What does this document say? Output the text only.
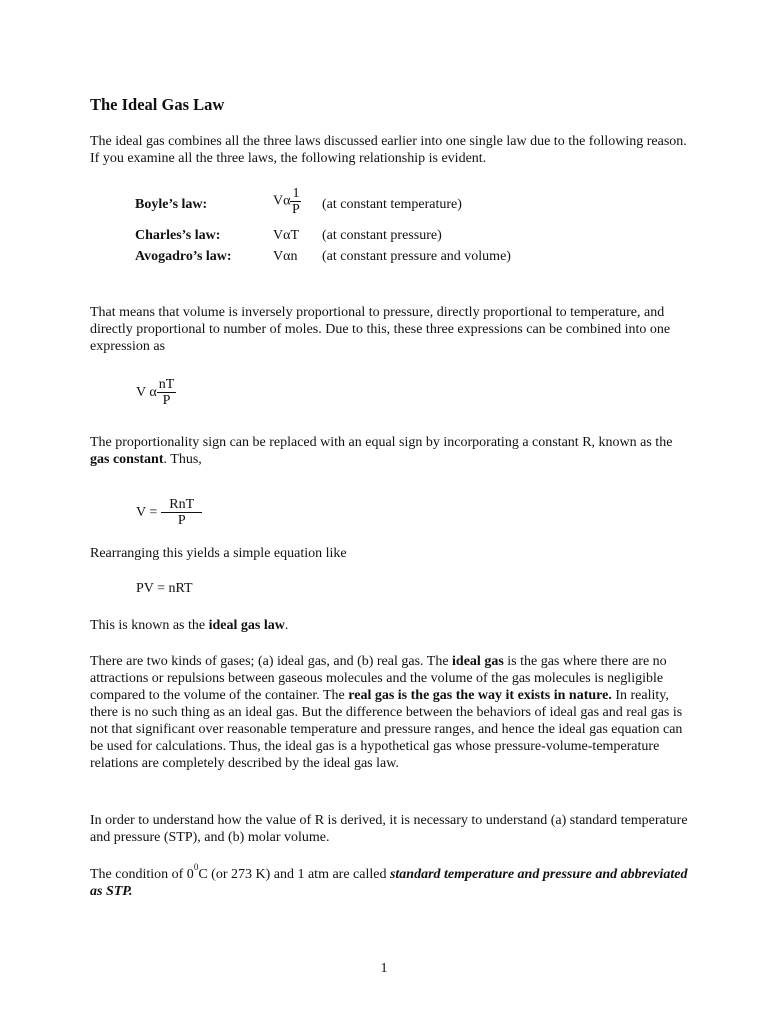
The Ideal Gas Law

The ideal gas combines all the three laws discussed earlier into one single law due to the following reason. If you examine all the three laws, the following relationship is evident.

Boyle’s law:	Vα $\frac{1}{P} (at$ constant temperature)
Charles’s law:	VαT (at constant pressure)
Avogadro’s law:	Vαn (at constant pressure and volume)

That means that volume is inversely proportional to pressure, directly proportional to temperature, and directly proportional to number of moles. Due to this, these three expressions can be combined into one expression as

V α $\frac{nT}{P}$

The proportionality sign can be replaced with an equal sign by incorporating a constant R, known as the gas constant. Thus,

$V = \frac{\text{RnT}}{P}$

Rearranging this yields a simple equation like

PV = nRT

This is known as the ideal gas law.

There are two kinds of gases; (a) ideal gas, and (b) real gas. The ideal gas is the gas where there are no attractions or repulsions between gaseous molecules and the volume of the gas molecules is negligible compared to the volume of the container. The real gas is the gas the way it exists in nature. In reality, there is no such thing as an ideal gas. But the difference between the behaviors of ideal gas and real gas is not that significant over reasonable temperature and pressure ranges, and hence the ideal gas equation can be used for calculations. Thus, the ideal gas is a hypothetical gas whose pressure-volume-temperature relations are completely described by the ideal gas law.

In order to understand how the value of R is derived, it is necessary to understand (a) standard temperature and pressure (STP), and (b) molar volume.

The condition of $0^0C$ (or 273 K) and 1 atm are called standard temperature and pressure and abbreviated as STP.

1
